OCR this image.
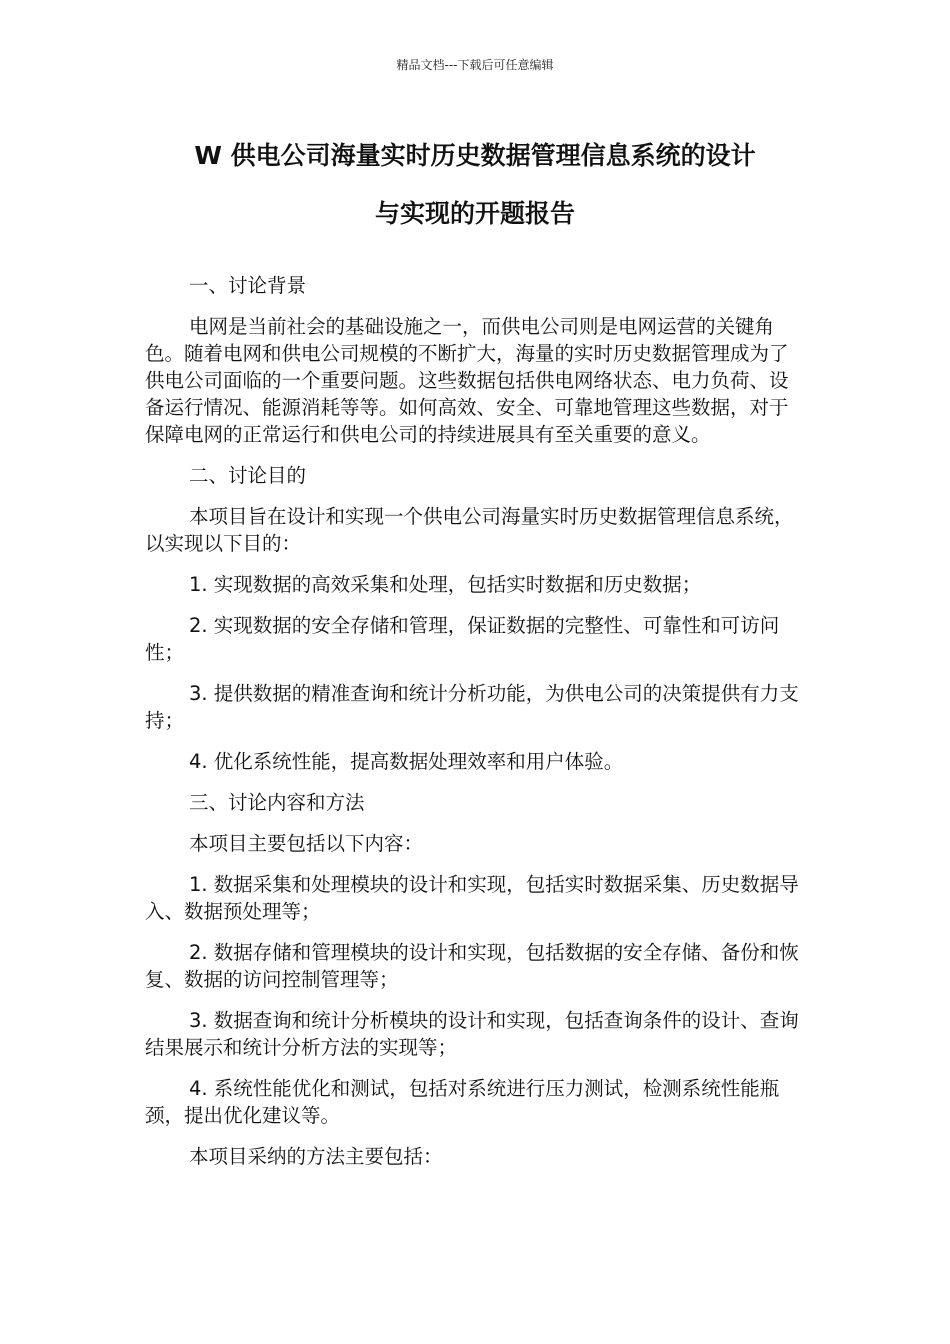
精品文档---下载后可任意编辑
W 供电公司海量实时历史数据管理信息系统的设计
与实现的开题报告

一、讨论背景

电网是当前社会的基础设施之一，而供电公司则是电网运营的关键角色。随着电网和供电公司规模的不断扩大，海量的实时历史数据管理成为了供电公司面临的一个重要问题。这些数据包括供电网络状态、电力负荷、设备运行情况、能源消耗等等。如何高效、安全、可靠地管理这些数据，对于保障电网的正常运行和供电公司的持续进展具有至关重要的意义。

二、讨论目的

本项目旨在设计和实现一个供电公司海量实时历史数据管理信息系统，以实现以下目的：

1. 实现数据的高效采集和处理，包括实时数据和历史数据；

2. 实现数据的安全存储和管理，保证数据的完整性、可靠性和可访问性；

3. 提供数据的精准查询和统计分析功能，为供电公司的决策提供有力支持；

4. 优化系统性能，提高数据处理效率和用户体验。

三、讨论内容和方法

本项目主要包括以下内容：

1. 数据采集和处理模块的设计和实现，包括实时数据采集、历史数据导入、数据预处理等；

2. 数据存储和管理模块的设计和实现，包括数据的安全存储、备份和恢复、数据的访问控制管理等；

3. 数据查询和统计分析模块的设计和实现，包括查询条件的设计、查询结果展示和统计分析方法的实现等；

4. 系统性能优化和测试，包括对系统进行压力测试，检测系统性能瓶颈，提出优化建议等。

本项目采纳的方法主要包括：
